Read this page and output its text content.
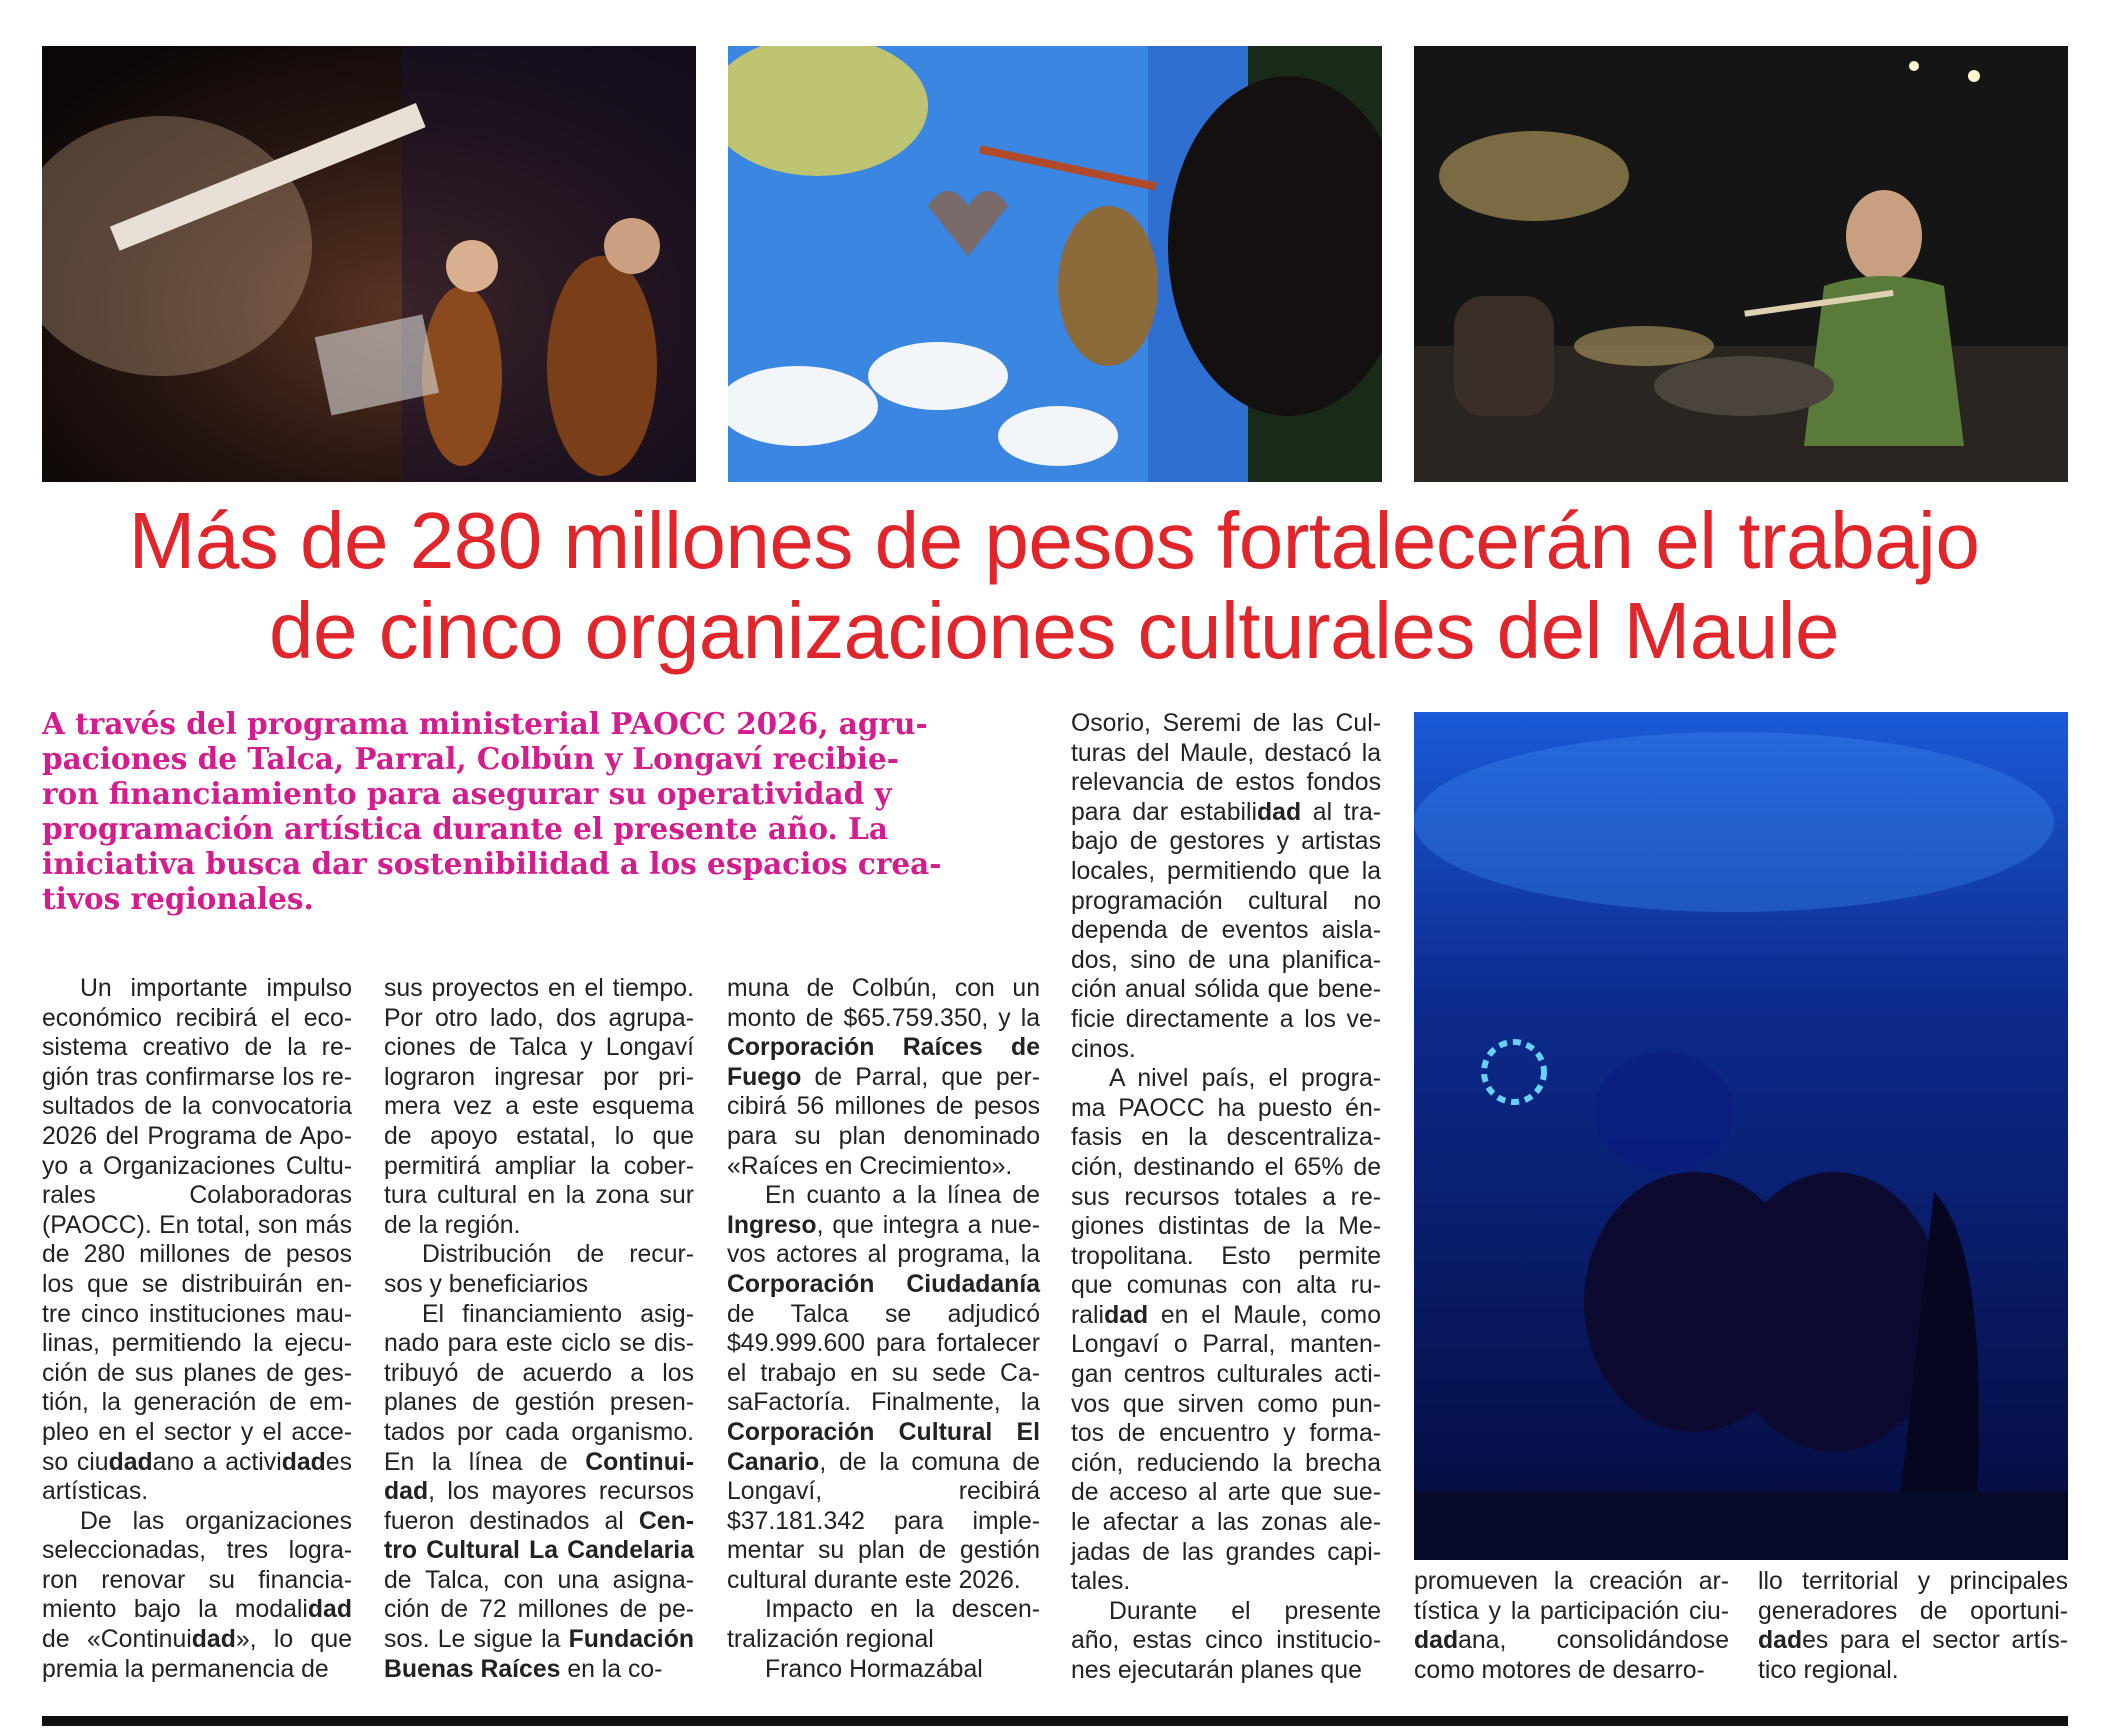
Más de 280 millones de pesos fortalecerán el trabajo
de cinco organizaciones culturales del Maule
A través del programa ministerial PAOCC 2026, agru-
paciones de Talca, Parral, Colbún y Longaví recibie-
ron financiamiento para asegurar su operatividad y
programación artística durante el presente año. La
iniciativa busca dar sostenibilidad a los espacios crea-
tivos regionales.
Un importante impulso
económico recibirá el eco-
sistema creativo de la re-
gión tras confirmarse los re-
sultados de la convocatoria
2026 del Programa de Apo-
yo a Organizaciones Cultu-
rales Colaboradoras
(PAOCC). En total, son más
de 280 millones de pesos
los que se distribuirán en-
tre cinco instituciones mau-
linas, permitiendo la ejecu-
ción de sus planes de ges-
tión, la generación de em-
pleo en el sector y el acce-
so ciudadano a actividades
artísticas.
De las organizaciones
seleccionadas, tres logra-
ron renovar su financia-
miento bajo la modalidad
de «Continuidad», lo que
premia la permanencia de
sus proyectos en el tiempo.
Por otro lado, dos agrupa-
ciones de Talca y Longaví
lograron ingresar por pri-
mera vez a este esquema
de apoyo estatal, lo que
permitirá ampliar la cober-
tura cultural en la zona sur
de la región.
Distribución de recur-
sos y beneficiarios
El financiamiento asig-
nado para este ciclo se dis-
tribuyó de acuerdo a los
planes de gestión presen-
tados por cada organismo.
En la línea de Continui-
dad, los mayores recursos
fueron destinados al Cen-
tro Cultural La Candelaria
de Talca, con una asigna-
ción de 72 millones de pe-
sos. Le sigue la Fundación
Buenas Raíces en la co-
muna de Colbún, con un
monto de $65.759.350, y la
Corporación Raíces de
Fuego de Parral, que per-
cibirá 56 millones de pesos
para su plan denominado
«Raíces en Crecimiento».
En cuanto a la línea de
Ingreso, que integra a nue-
vos actores al programa, la
Corporación Ciudadanía
de Talca se adjudicó
$49.999.600 para fortalecer
el trabajo en su sede Ca-
saFactoría. Finalmente, la
Corporación Cultural El
Canario, de la comuna de
Longaví, recibirá
$37.181.342 para imple-
mentar su plan de gestión
cultural durante este 2026.
Impacto en la descen-
tralización regional
Franco Hormazábal
Osorio, Seremi de las Cul-
turas del Maule, destacó la
relevancia de estos fondos
para dar estabilidad al tra-
bajo de gestores y artistas
locales, permitiendo que la
programación cultural no
dependa de eventos aisla-
dos, sino de una planifica-
ción anual sólida que bene-
ficie directamente a los ve-
cinos.
A nivel país, el progra-
ma PAOCC ha puesto én-
fasis en la descentraliza-
ción, destinando el 65% de
sus recursos totales a re-
giones distintas de la Me-
tropolitana. Esto permite
que comunas con alta ru-
ralidad en el Maule, como
Longaví o Parral, manten-
gan centros culturales acti-
vos que sirven como pun-
tos de encuentro y forma-
ción, reduciendo la brecha
de acceso al arte que sue-
le afectar a las zonas ale-
jadas de las grandes capi-
tales.
Durante el presente
año, estas cinco institucio-
nes ejecutarán planes que
promueven la creación ar-
tística y la participación ciu-
dadana, consolidándose
como motores de desarro-
llo territorial y principales
generadores de oportuni-
dades para el sector artís-
tico regional.
